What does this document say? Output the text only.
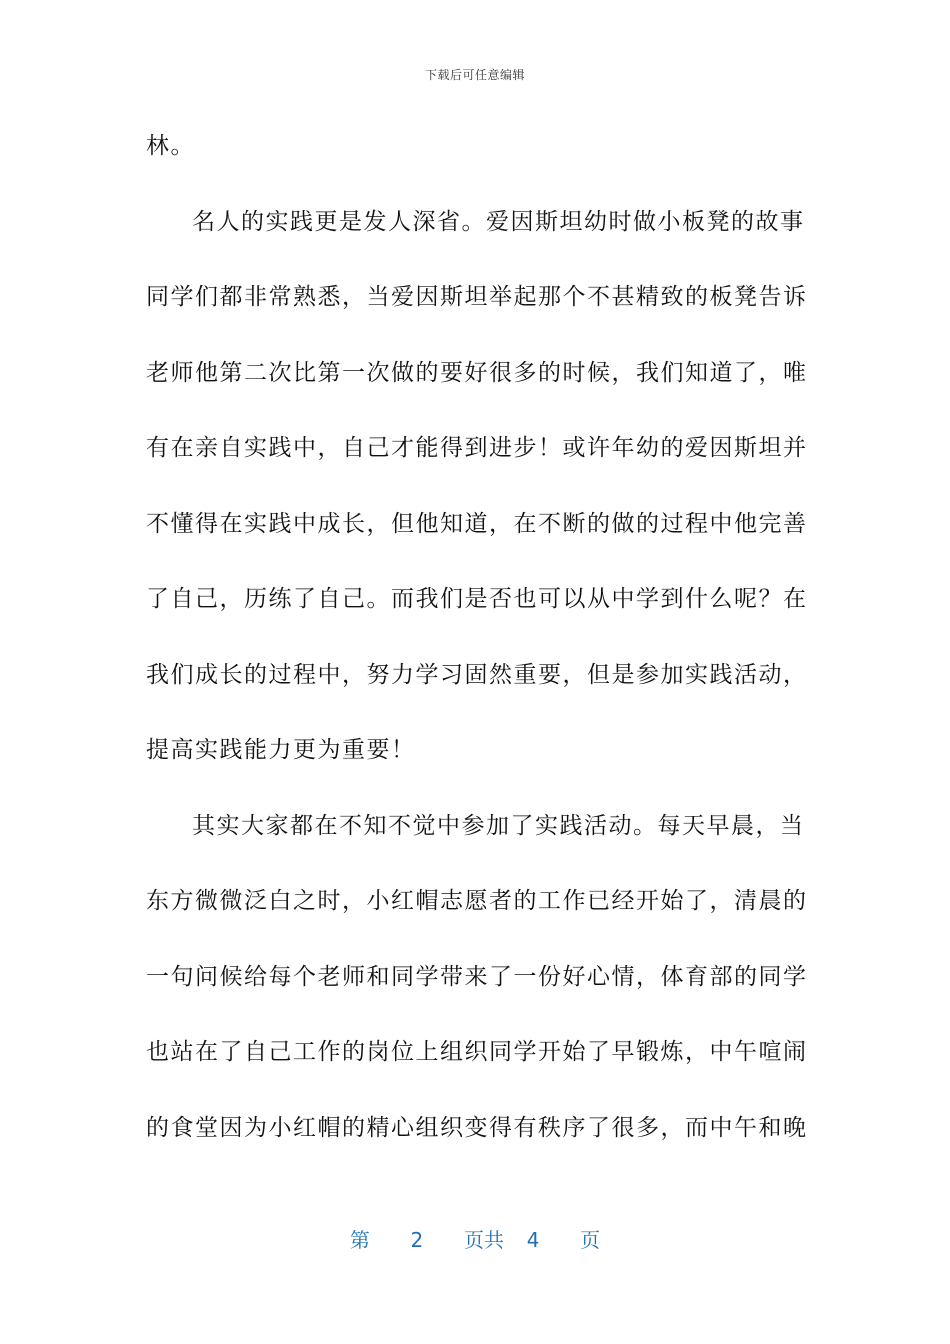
下载后可任意编辑
林。
名人的实践更是发人深省。爱因斯坦幼时做小板凳的故事
同学们都非常熟悉，当爱因斯坦举起那个不甚精致的板凳告诉
老师他第二次比第一次做的要好很多的时候，我们知道了，唯
有在亲自实践中，自己才能得到进步！或许年幼的爱因斯坦并
不懂得在实践中成长，但他知道，在不断的做的过程中他完善
了自己，历练了自己。而我们是否也可以从中学到什么呢？在
我们成长的过程中，努力学习固然重要，但是参加实践活动，
提高实践能力更为重要！
其实大家都在不知不觉中参加了实践活动。每天早晨，当
东方微微泛白之时，小红帽志愿者的工作已经开始了，清晨的
一句问候给每个老师和同学带来了一份好心情，体育部的同学
也站在了自己工作的岗位上组织同学开始了早锻炼，中午喧闹
的食堂因为小红帽的精心组织变得有秩序了很多，而中午和晚
第 2 页共 4 页
